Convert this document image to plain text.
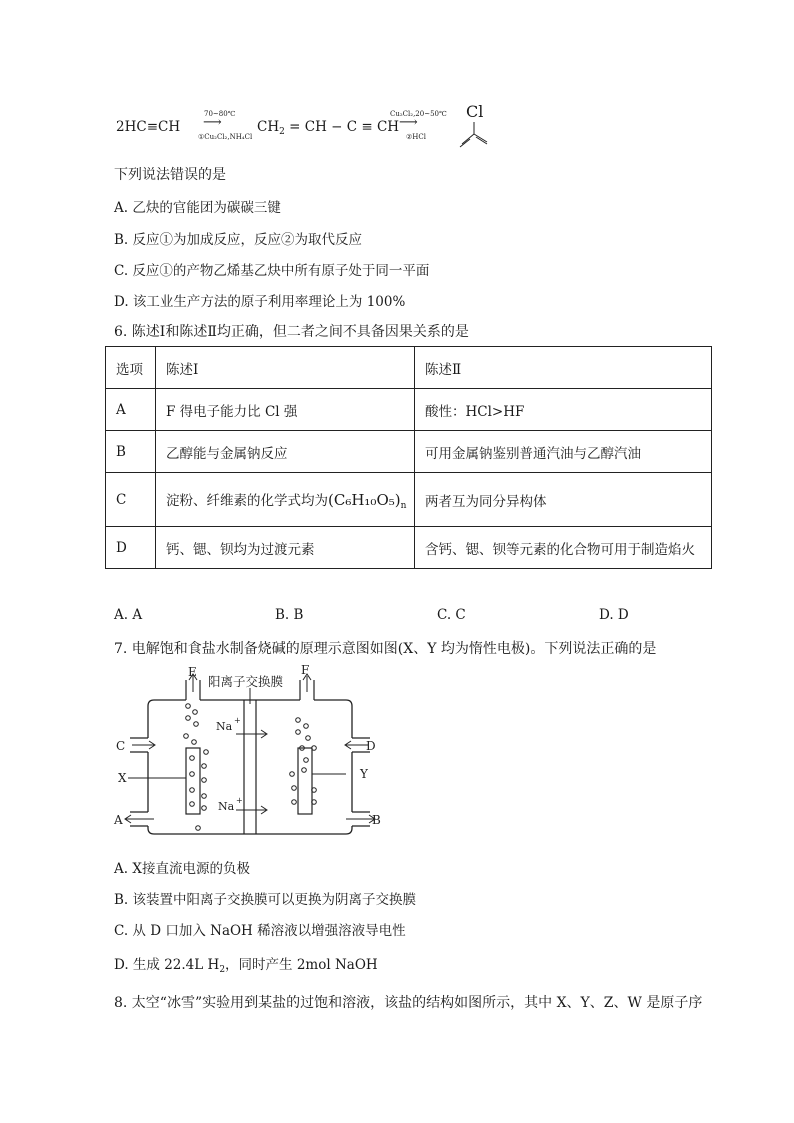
2HC≡CH
70~80℃
⟶
①Cu₂Cl₂,NH₄Cl
$CH_2$ = CH − C ≡ CH
Cu₂Cl₂,20~50℃
⟶
②HCl
Cl
下列说法错误的是
A. 乙炔的官能团为碳碳三键
B. 反应①为加成反应，反应②为取代反应
C. 反应①的产物乙烯基乙炔中所有原子处于同一平面
D. 该工业生产方法的原子利用率理论上为 100%
6. 陈述Ⅰ和陈述Ⅱ均正确，但二者之间不具备因果关系的是
选项	陈述Ⅰ	陈述Ⅱ
A	F 得电子能力比 Cl 强	酸性：HCl>HF
B	乙醇能与金属钠反应	可用金属钠鉴别普通汽油与乙醇汽油
C	淀粉、纤维素的化学式均为$(C_6H_{10}O_5)_n$	两者互为同分异构体
D	钙、锶、钡均为过渡元素	含钙、锶、钡等元素的化合物可用于制造焰火
A. A	B. B	C. C	D. D
7. 电解饱和食盐水制备烧碱的原理示意图如图(X、Y 均为惰性电极)。下列说法正确的是
阳离子交换膜
E	F
C	D
A	B
X	Y
Na +
Na +
A. X接直流电源的负极
B. 该装置中阳离子交换膜可以更换为阴离子交换膜
C. 从 D 口加入 NaOH 稀溶液以增强溶液导电性
D. 生成 22.4L $H_2$，同时产生 2mol NaOH
8. 太空“冰雪”实验用到某盐的过饱和溶液，该盐的结构如图所示，其中 X、Y、Z、W 是原子序
